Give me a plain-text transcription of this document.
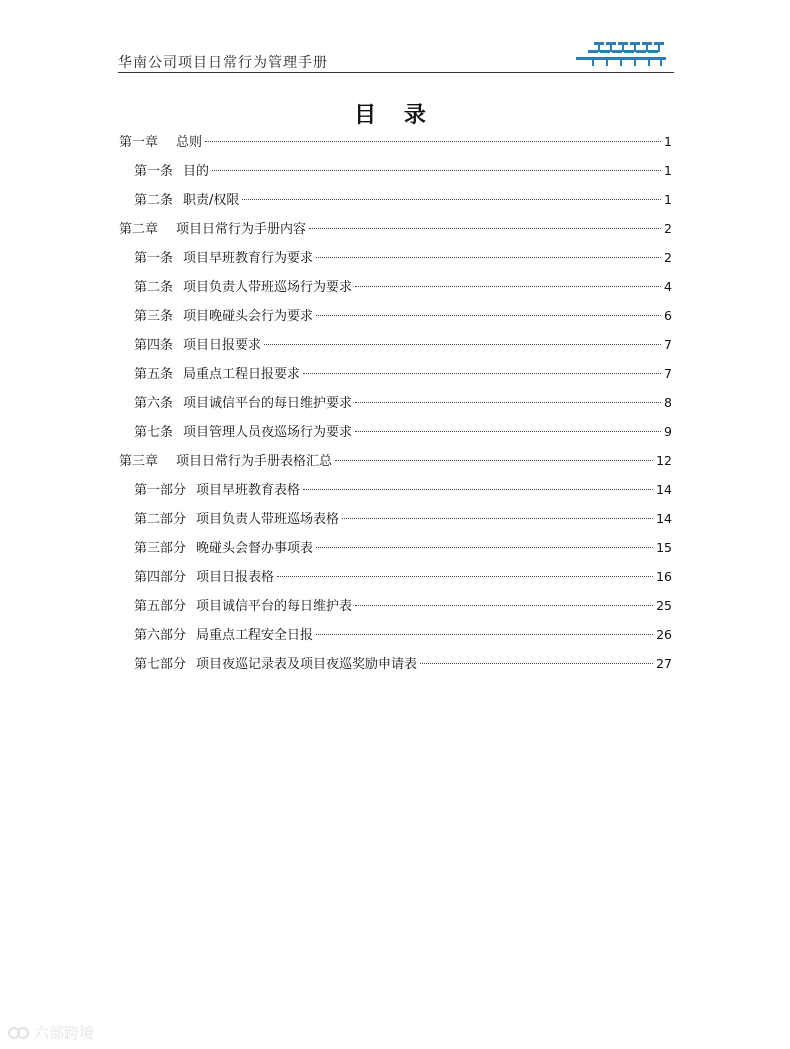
华南公司项目日常行为管理手册
目 录
第一章 总则	1
第一条 目的	1
第二条 职责/权限	1
第二章 项目日常行为手册内容	2
第一条 项目早班教育行为要求	2
第二条 项目负责人带班巡场行为要求	4
第三条 项目晚碰头会行为要求	6
第四条 项目日报要求	7
第五条 局重点工程日报要求	7
第六条 项目诚信平台的每日维护要求	8
第七条 项目管理人员夜巡场行为要求	9
第三章 项目日常行为手册表格汇总	12
第一部分 项目早班教育表格	14
第二部分 项目负责人带班巡场表格	14
第三部分 晚碰头会督办事项表	15
第四部分 项目日报表格	16
第五部分 项目诚信平台的每日维护表	25
第六部分 局重点工程安全日报	26
第七部分 项目夜巡记录表及项目夜巡奖励申请表	27
六部跨境
